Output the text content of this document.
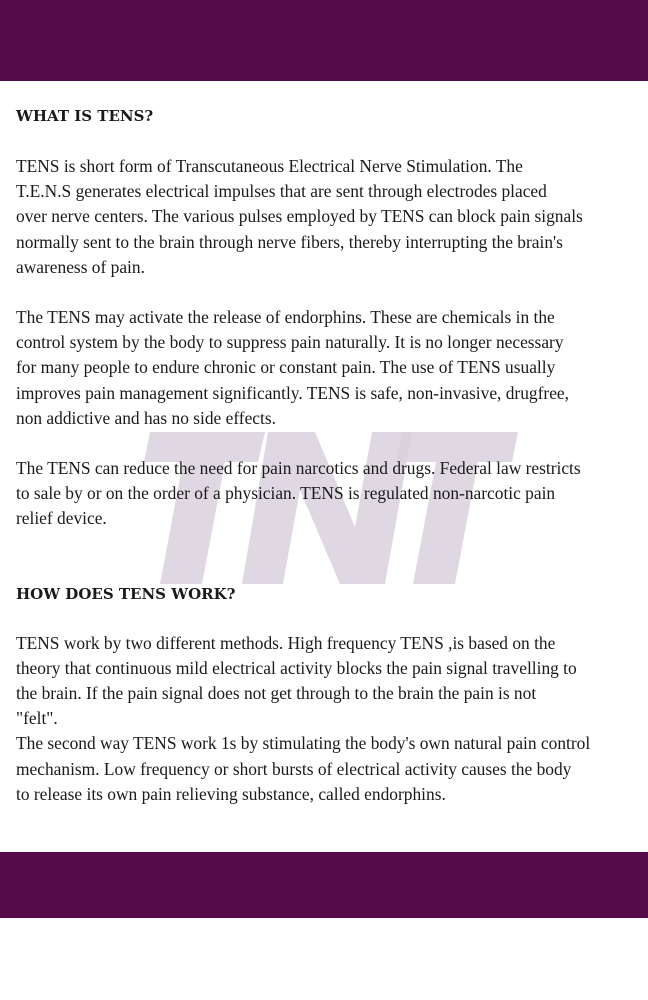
WHAT IS TENS?

TENS is short form of Transcutaneous Electrical Nerve Stimulation. The
T.E.N.S generates electrical impulses that are sent through electrodes placed
over nerve centers. The various pulses employed by TENS can block pain signals
normally sent to the brain through nerve fibers, thereby interrupting the brain's
awareness of pain.

The TENS may activate the release of endorphins. These are chemicals in the
control system by the body to suppress pain naturally. It is no longer necessary
for many people to endure chronic or constant pain. The use of TENS usually
improves pain management significantly. TENS is safe, non-invasive, drugfree,
non addictive and has no side effects.

The TENS can reduce the need for pain narcotics and drugs. Federal law restricts
to sale by or on the order of a physician. TENS is regulated non-narcotic pain
relief device.

HOW DOES TENS WORK?

TENS work by two different methods. High frequency TENS ,is based on the
theory that continuous mild electrical activity blocks the pain signal travelling to
the brain. If the pain signal does not get through to the brain the pain is not
"felt".
The second way TENS work 1s by stimulating the body's own natural pain control
mechanism. Low frequency or short bursts of electrical activity causes the body
to release its own pain relieving substance, called endorphins.
